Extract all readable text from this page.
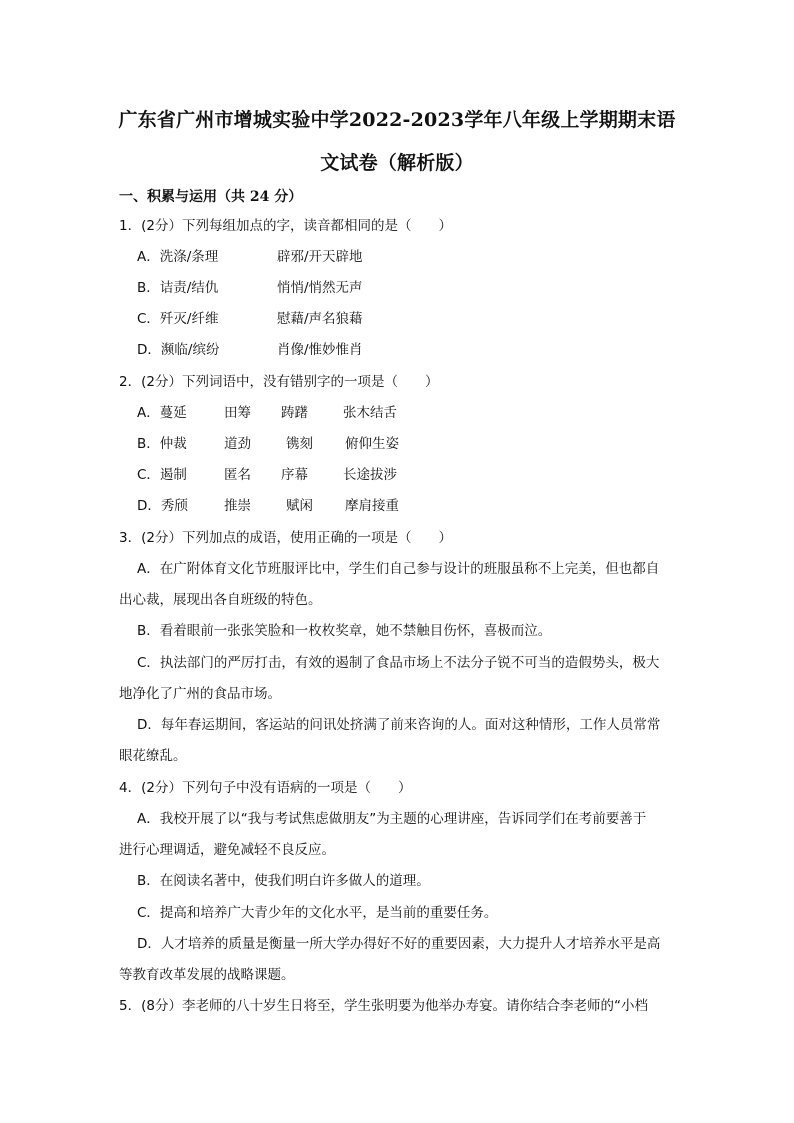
广东省广州市增城实验中学2022-2023学年八年级上学期期末语
文试卷（解析版）
一、积累与运用（共 24 分）
1．(2分）下列每组加点的字，读音都相同的是（　　）
A．洗涤/条理	辟邪/开天辟地
B．诘责/结仇	悄悄/悄然无声
C．歼灭/纤维	慰藉/声名狼藉
D．濒临/缤纷	肖像/惟妙惟肖
2．(2分）下列词语中，没有错别字的一项是（　　）
A．蔓延	田筹 踌躇	张木结舌
B．仲裁	道劲	镌刻 俯仰生姿
C．遏制	匿名 序幕	长途拔涉
D．秀颀	推崇	赋闲 摩肩接重
3．(2分）下列加点的成语，使用正确的一项是（　　）
A．在广附体育文化节班服评比中，学生们自己参与设计的班服虽称不上完美，但也都自
出心裁，展现出各自班级的特色。
B．看着眼前一张张笑脸和一枚枚奖章，她不禁触目伤怀，喜极而泣。
C．执法部门的严厉打击，有效的遏制了食品市场上不法分子锐不可当的造假势头，极大
地净化了广州的食品市场。
D．每年春运期间，客运站的问讯处挤满了前来咨询的人。面对这种情形，工作人员常常
眼花缭乱。
4．(2分）下列句子中没有语病的一项是（　　）
A．我校开展了以“我与考试焦虑做朋友”为主题的心理讲座，告诉同学们在考前要善于
进行心理调适，避免减轻不良反应。
B．在阅读名著中，使我们明白许多做人的道理。
C．提高和培养广大青少年的文化水平，是当前的重要任务。
D．人才培养的质量是衡量一所大学办得好不好的重要因素，大力提升人才培养水平是高
等教育改革发展的战略课题。
5．(8分）李老师的八十岁生日将至，学生张明要为他举办寿宴。请你结合李老师的“小档
